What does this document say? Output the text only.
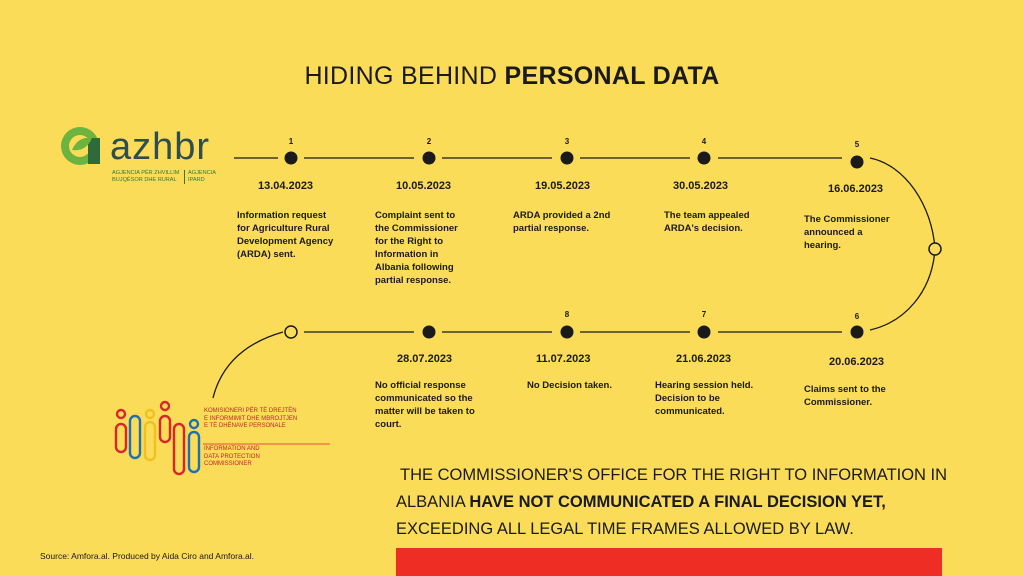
HIDING BEHIND PERSONAL DATA
azhbr
AGJENCIA PËR ZHVILLIM
BUJQËSOR DHE RURAL
AGJENCIA
IPARD
KOMISIONERI PËR TË DREJTËN
E INFORMIMIT DHE MBROJTJEN
E TË DHËNAVE PERSONALE
INFORMATION AND
DATA PROTECTION
COMMISSIONER
1
13.04.2023
Information request
for Agriculture Rural
Development Agency
(ARDA) sent.
2
10.05.2023
Complaint sent to
the Commissioner
for the Right to
Information in
Albania following
partial response.
3
19.05.2023
ARDA provided a 2nd
partial response.
4
30.05.2023
The team appealed
ARDA's decision.
5
16.06.2023
The Commissioner
announced a
hearing.
6
20.06.2023
Claims sent to the
Commissioner.
7
21.06.2023
Hearing session held.
Decision to be
communicated.
8
11.07.2023
No Decision taken.
28.07.2023
No official response
communicated so the
matter will be taken to
court.
THE COMMISSIONER'S OFFICE FOR THE RIGHT TO INFORMATION IN
ALBANIA HAVE NOT COMMUNICATED A FINAL DECISION YET,
EXCEEDING ALL LEGAL TIME FRAMES ALLOWED BY LAW.
Source: Amfora.al. Produced by Aida Ciro and Amfora.al.
